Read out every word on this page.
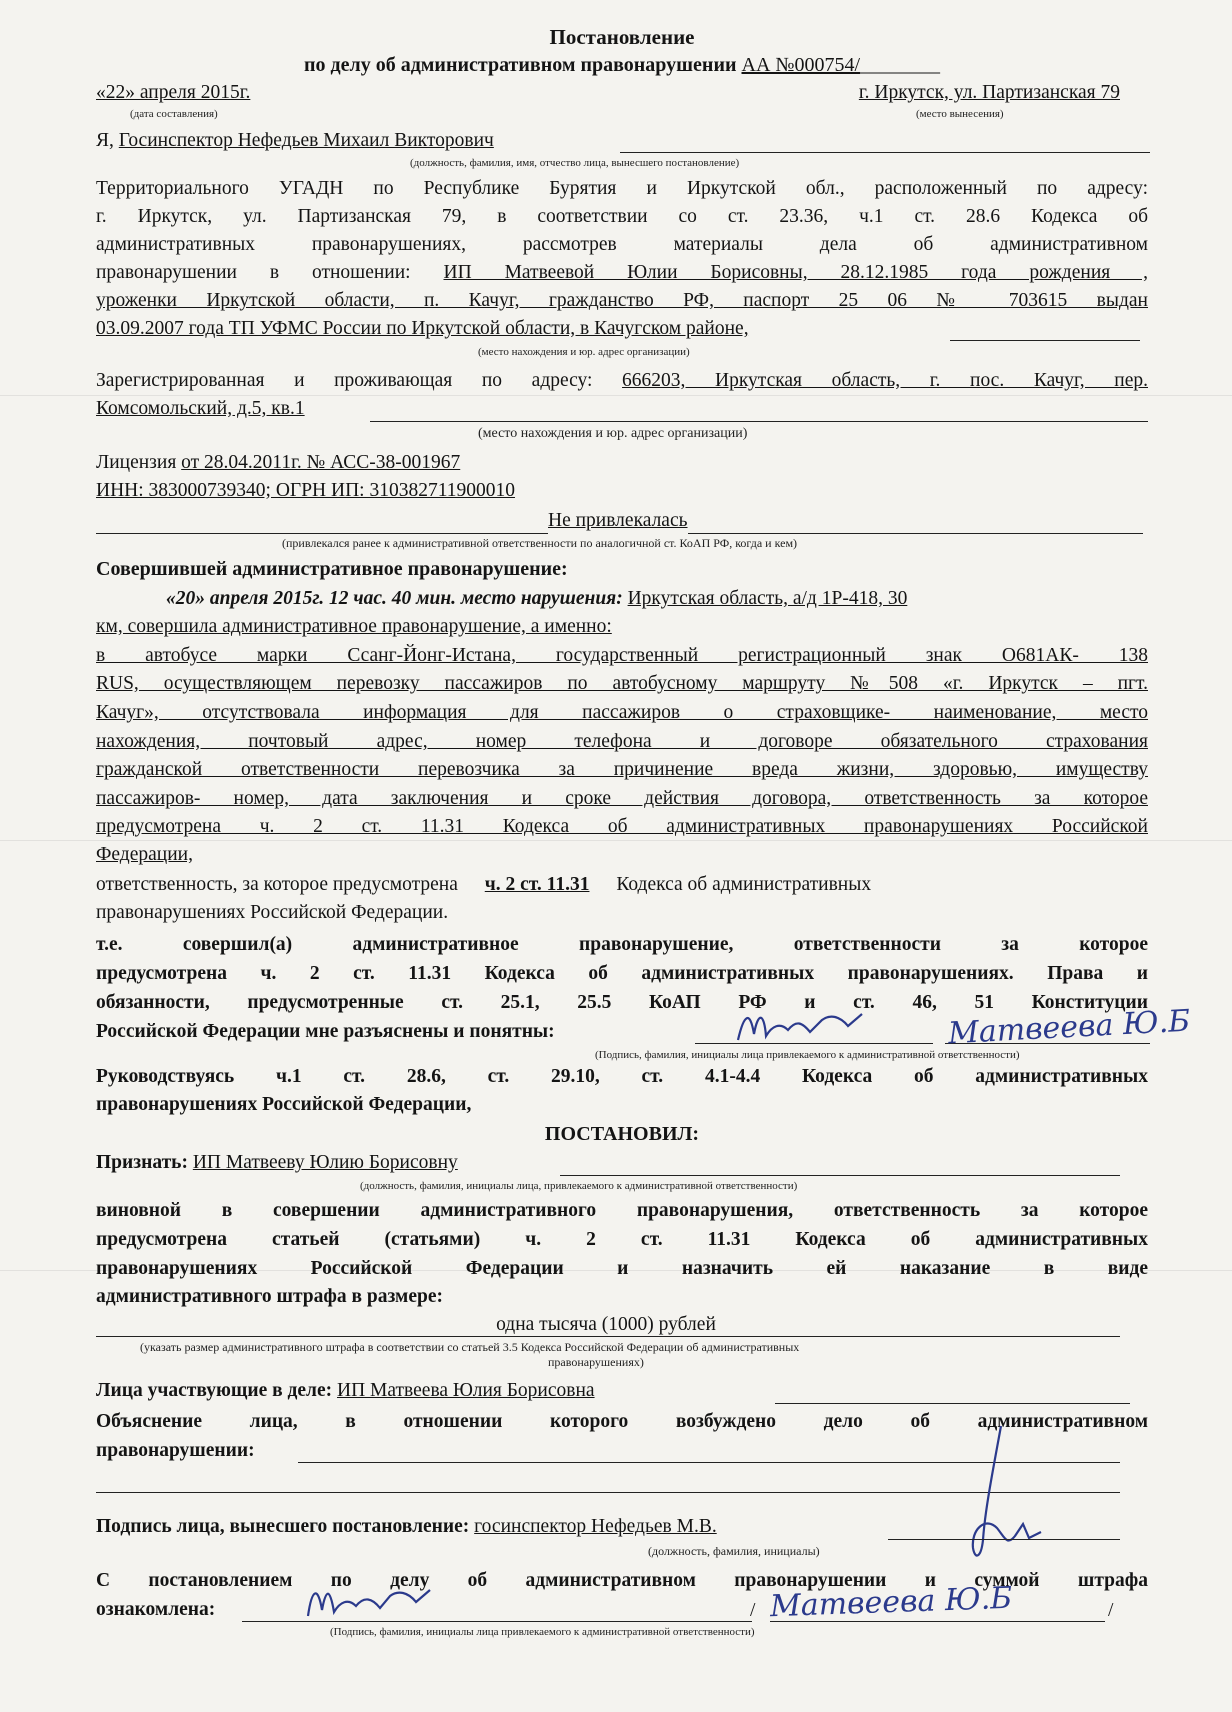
Постановление
по делу об административном правонарушении АА №000754/________
«22» апреля 2015г.	г. Иркутск, ул. Партизанская 79
(дата составления)	(место вынесения)
Я, Госинспектор Нефедьев Михаил Викторович
(должность, фамилия, имя, отчество лица, вынесшего постановление)
Территориального УГАДН по Республике Бурятия и Иркутской обл., расположенный по адресу:
г. Иркутск, ул. Партизанская 79, в соответствии со ст. 23.36, ч.1 ст. 28.6 Кодекса об
административных правонарушениях, рассмотрев материалы дела об административном
правонарушении в отношении: ИП Матвеевой Юлии Борисовны, 28.12.1985 года рождения ,
уроженки Иркутской области, п. Качуг, гражданство РФ, паспорт 25 06 № 703615 выдан
03.09.2007 года ТП УФМС России по Иркутской области, в Качугском районе,
(место нахождения и юр. адрес организации)
Зарегистрированная и проживающая по адресу: 666203, Иркутская область, г. пос. Качуг, пер.
Комсомольский, д.5, кв.1
(место нахождения и юр. адрес организации)
Лицензия от 28.04.2011г. № АСС-38-001967
ИНН: 383000739340; ОГРН ИП: 310382711900010
Не привлекалась
(привлекался ранее к административной ответственности по аналогичной ст. КоАП РФ, когда и кем)
Совершившей административное правонарушение:
«20» апреля 2015г. 12 час. 40 мин. место нарушения: Иркутская область, а/д 1Р-418, 30
км, совершила административное правонарушение, а именно:
в автобусе марки Ссанг-Йонг-Истана, государственный регистрационный знак О681АК- 138
RUS, осуществляющем перевозку пассажиров по автобусному маршруту №508 «г. Иркутск – пгт.
Качуг», отсутствовала информация для пассажиров о страховщике- наименование, место
нахождения, почтовый адрес, номер телефона и договоре обязательного страхования
гражданской ответственности перевозчика за причинение вреда жизни, здоровью, имуществу
пассажиров- номер, дата заключения и сроке действия договора, ответственность за которое
предусмотрена ч. 2 ст. 11.31 Кодекса об административных правонарушениях Российской
Федерации,
ответственность, за которое предусмотрена ч. 2 ст. 11.31 Кодекса об административных
правонарушениях Российской Федерации.
т.е. совершил(а) административное правонарушение, ответственности за которое
предусмотрена ч. 2 ст. 11.31 Кодекса об административных правонарушениях. Права и
обязанности, предусмотренные ст. 25.1, 25.5 КоАП РФ и ст. 46, 51 Конституции
Российской Федерации мне разъяснены и понятны:	Матвеева Ю.Б
(Подпись, фамилия, инициалы лица привлекаемого к административной ответственности)
Руководствуясь ч.1 ст. 28.6, ст. 29.10, ст. 4.1-4.4 Кодекса об административных
правонарушениях Российской Федерации,
ПОСТАНОВИЛ:
Признать: ИП Матвееву Юлию Борисовну
(должность, фамилия, инициалы лица, привлекаемого к административной ответственности)
виновной в совершении административного правонарушения, ответственность за которое
предусмотрена статьей (статьями) ч. 2 ст. 11.31 Кодекса об административных
правонарушениях Российской Федерации и назначить ей наказание в виде
административного штрафа в размере:
одна тысяча (1000) рублей
(указать размер административного штрафа в соответствии со статьей 3.5 Кодекса Российской Федерации об административных
правонарушениях)
Лица участвующие в деле: ИП Матвеева Юлия Борисовна
Объяснение лица, в отношении которого возбуждено дело об административном
правонарушении:
Подпись лица, вынесшего постановление: госинспектор Нефедьев М.В.
(должность, фамилия, инициалы)
С постановлением по делу об административном правонарушении и суммой штрафа
ознакомлена:	/	/
Матвеева Ю.Б
(Подпись, фамилия, инициалы лица привлекаемого к административной ответственности)
